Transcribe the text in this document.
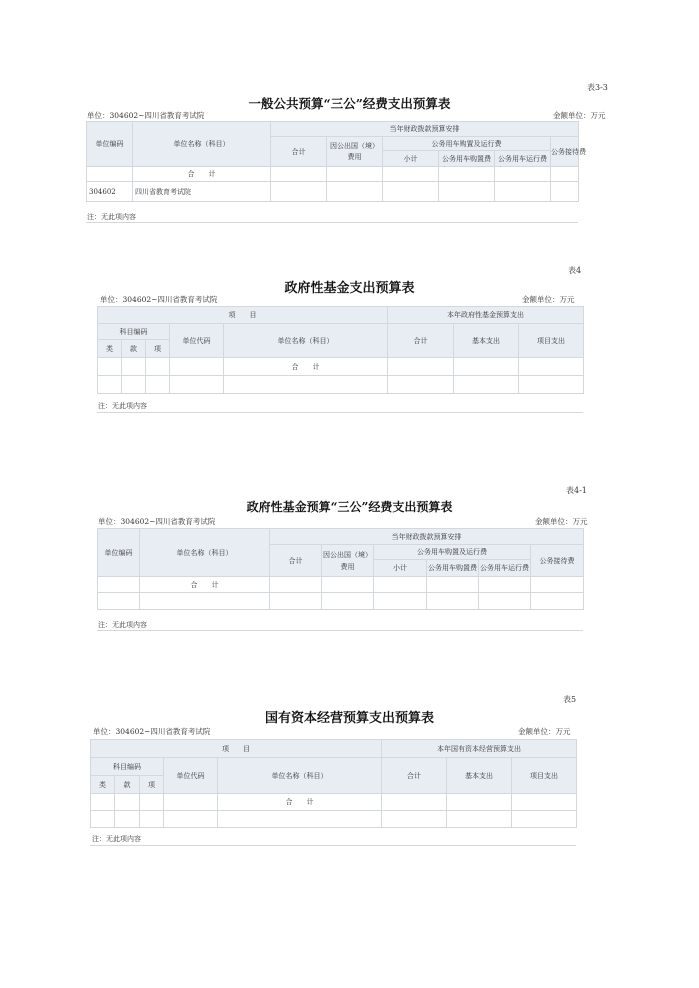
表3-3
一般公共预算“三公”经费支出预算表
单位：304602~四川省教育考试院	金额单位：万元
单位编码	单位名称（科目）	当年财政拨款预算安排					
		合计	因公出国（境）费用	公务用车购置及运行费			公务接待费
				小计	公务用车购置费	公务用车运行费	
	合　　计						
304602	四川省教育考试院						
注：无此项内容
表4
政府性基金支出预算表
单位：304602~四川省教育考试院	金额单位：万元
项　　目					本年政府性基金预算支出		
科目编码			单位代码	单位名称（科目）	合计	基本支出	项目支出
类	款	项					
				合　　计			

注：无此项内容
表4-1
政府性基金预算“三公”经费支出预算表
单位：304602~四川省教育考试院	金额单位：万元
单位编码	单位名称（科目）	当年财政拨款预算安排					
		合计	因公出国（境）费用	公务用车购置及运行费			公务接待费
				小计	公务用车购置费	公务用车运行费	
	合　　计						

注：无此项内容
表5
国有资本经营预算支出预算表
单位：304602~四川省教育考试院	金额单位：万元
项　　目					本年国有资本经营预算支出		
科目编码			单位代码	单位名称（科目）	合计	基本支出	项目支出
类	款	项					
				合　　计			

注：无此项内容
